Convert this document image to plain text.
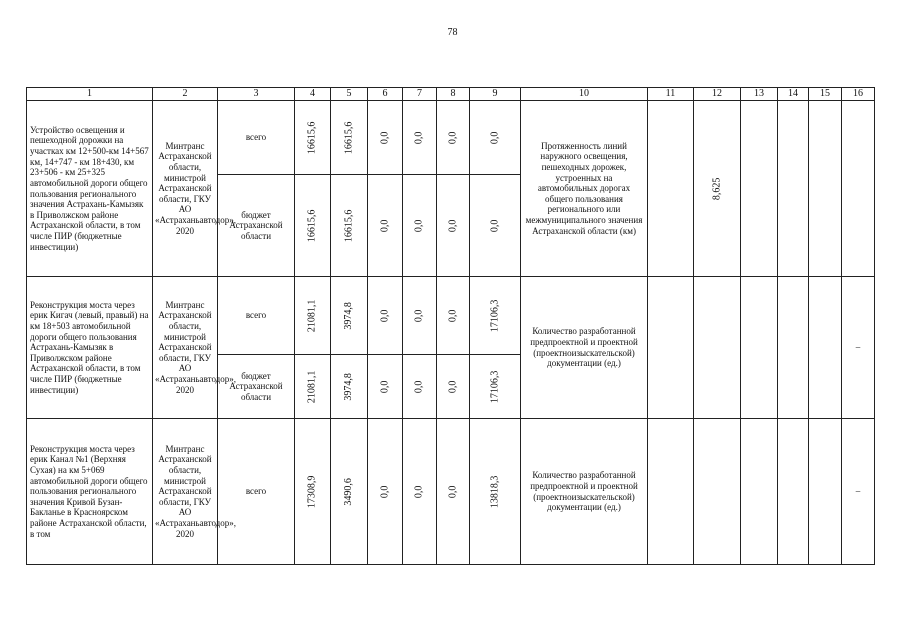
78
1	2	3	4	5	6	7	8	9	10	11	12	13	14	15	16
Устройство освещения и пешеходной дорожки на участках км 12+500-км 14+567 км, 14+747 - км 18+430, км 23+506 - км 25+325 автомобильной дороги общего пользования регионального значения Астрахань-Камызяк в Приволжском районе Астраханской области, в том числе ПИР (бюджетные инвестиции)	Минтранс Астраханской области, министрой Астраханской области, ГКУ АО «Астраханьавтодор», 2020	всего	16615,6	16615,6	0,0	0,0	0,0	0,0	Протяженность линий наружного освещения, пешеходных дорожек, устроенных на автомобильных дорогах общего пользования регионального или межмуниципального значения Астраханской области (км)		8,625				
		бюджет Астраханской области	16615,6	16615,6	0,0	0,0	0,0	0,0							
Реконструкция моста через ерик Кигач (левый, правый) на км 18+503 автомобильной дороги общего пользования Астрахань-Камызяк в Приволжском районе Астраханской области, в том числе ПИР (бюджетные инвестиции)	Минтранс Астраханской области, министрой Астраханской области, ГКУ АО «Астраханьавтодор», 2020	всего	21081,1	3974,8	0,0	0,0	0,0	17106,3	Количество разработанной предпроектной и проектной (проектноизыскательской) документации (ед.)						–
		бюджет Астраханской области	21081,1	3974,8	0,0	0,0	0,0	17106,3							
Реконструкция моста через ерик Канал №1 (Верхняя Сухая) на км 5+069 автомобильной дороги общего пользования регионального значения Кривой Бузан-Бакланье в Красноярском районе Астраханской области, в том	Минтранс Астраханской области, министрой Астраханской области, ГКУ АО «Астраханьавтодор», 2020	всего	17308,9	3490,6	0,0	0,0	0,0	13818,3	Количество разработанной предпроектной и проектной (проектноизыскательской) документации (ед.)						–
